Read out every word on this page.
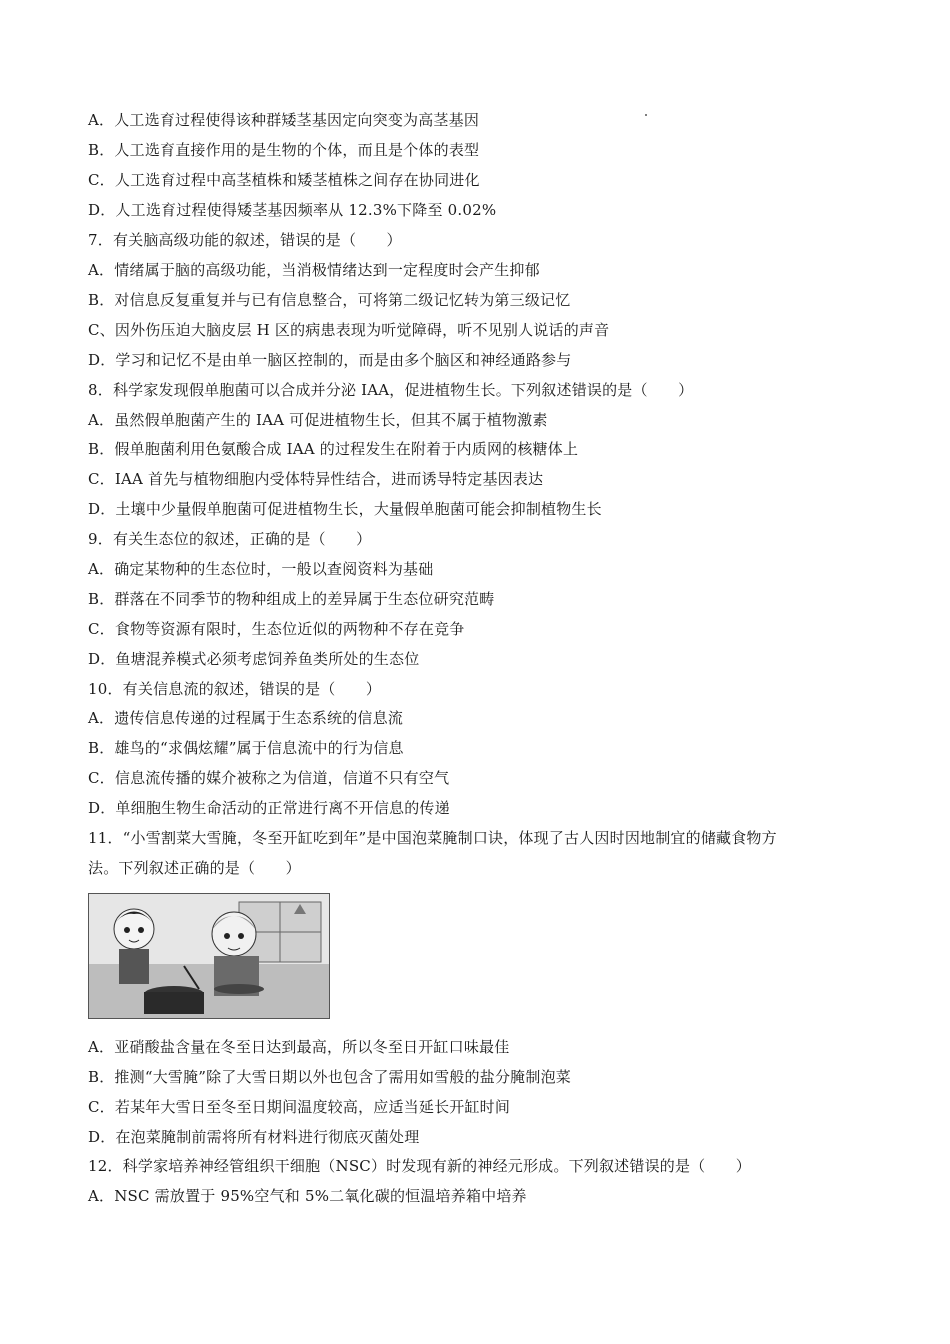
A．人工选育过程使得该种群矮茎基因定向突变为高茎基因
B．人工选育直接作用的是生物的个体，而且是个体的表型
C．人工选育过程中高茎植株和矮茎植株之间存在协同进化
D．人工选育过程使得矮茎基因频率从 12.3%下降至 0.02%
7．有关脑高级功能的叙述，错误的是（　　）
A．情绪属于脑的高级功能，当消极情绪达到一定程度时会产生抑郁
B．对信息反复重复并与已有信息整合，可将第二级记忆转为第三级记忆
C、因外伤压迫大脑皮层 H 区的病患表现为听觉障碍，听不见别人说话的声音
D．学习和记忆不是由单一脑区控制的，而是由多个脑区和神经通路参与
8．科学家发现假单胞菌可以合成并分泌 IAA，促进植物生长。下列叙述错误的是（　　）
A．虽然假单胞菌产生的 IAA 可促进植物生长，但其不属于植物激素
B．假单胞菌利用色氨酸合成 IAA 的过程发生在附着于内质网的核糖体上
C．IAA 首先与植物细胞内受体特异性结合，进而诱导特定基因表达
D．土壤中少量假单胞菌可促进植物生长，大量假单胞菌可能会抑制植物生长
9．有关生态位的叙述，正确的是（　　）
A．确定某物种的生态位时，一般以查阅资料为基础
B．群落在不同季节的物种组成上的差异属于生态位研究范畴
C．食物等资源有限时，生态位近似的两物种不存在竞争
D．鱼塘混养模式必须考虑饲养鱼类所处的生态位
10．有关信息流的叙述，错误的是（　　）
A．遗传信息传递的过程属于生态系统的信息流
B．雄鸟的“求偶炫耀”属于信息流中的行为信息
C．信息流传播的媒介被称之为信道，信道不只有空气
D．单细胞生物生命活动的正常进行离不开信息的传递
11．“小雪割菜大雪腌，冬至开缸吃到年”是中国泡菜腌制口诀，体现了古人因时因地制宜的储藏食物方
法。下列叙述正确的是（　　）
A．亚硝酸盐含量在冬至日达到最高，所以冬至日开缸口味最佳
B．推测“大雪腌”除了大雪日期以外也包含了需用如雪般的盐分腌制泡菜
C．若某年大雪日至冬至日期间温度较高，应适当延长开缸时间
D．在泡菜腌制前需将所有材料进行彻底灭菌处理
12．科学家培养神经管组织干细胞（NSC）时发现有新的神经元形成。下列叙述错误的是（　　）
A．NSC 需放置于 95%空气和 5%二氧化碳的恒温培养箱中培养
